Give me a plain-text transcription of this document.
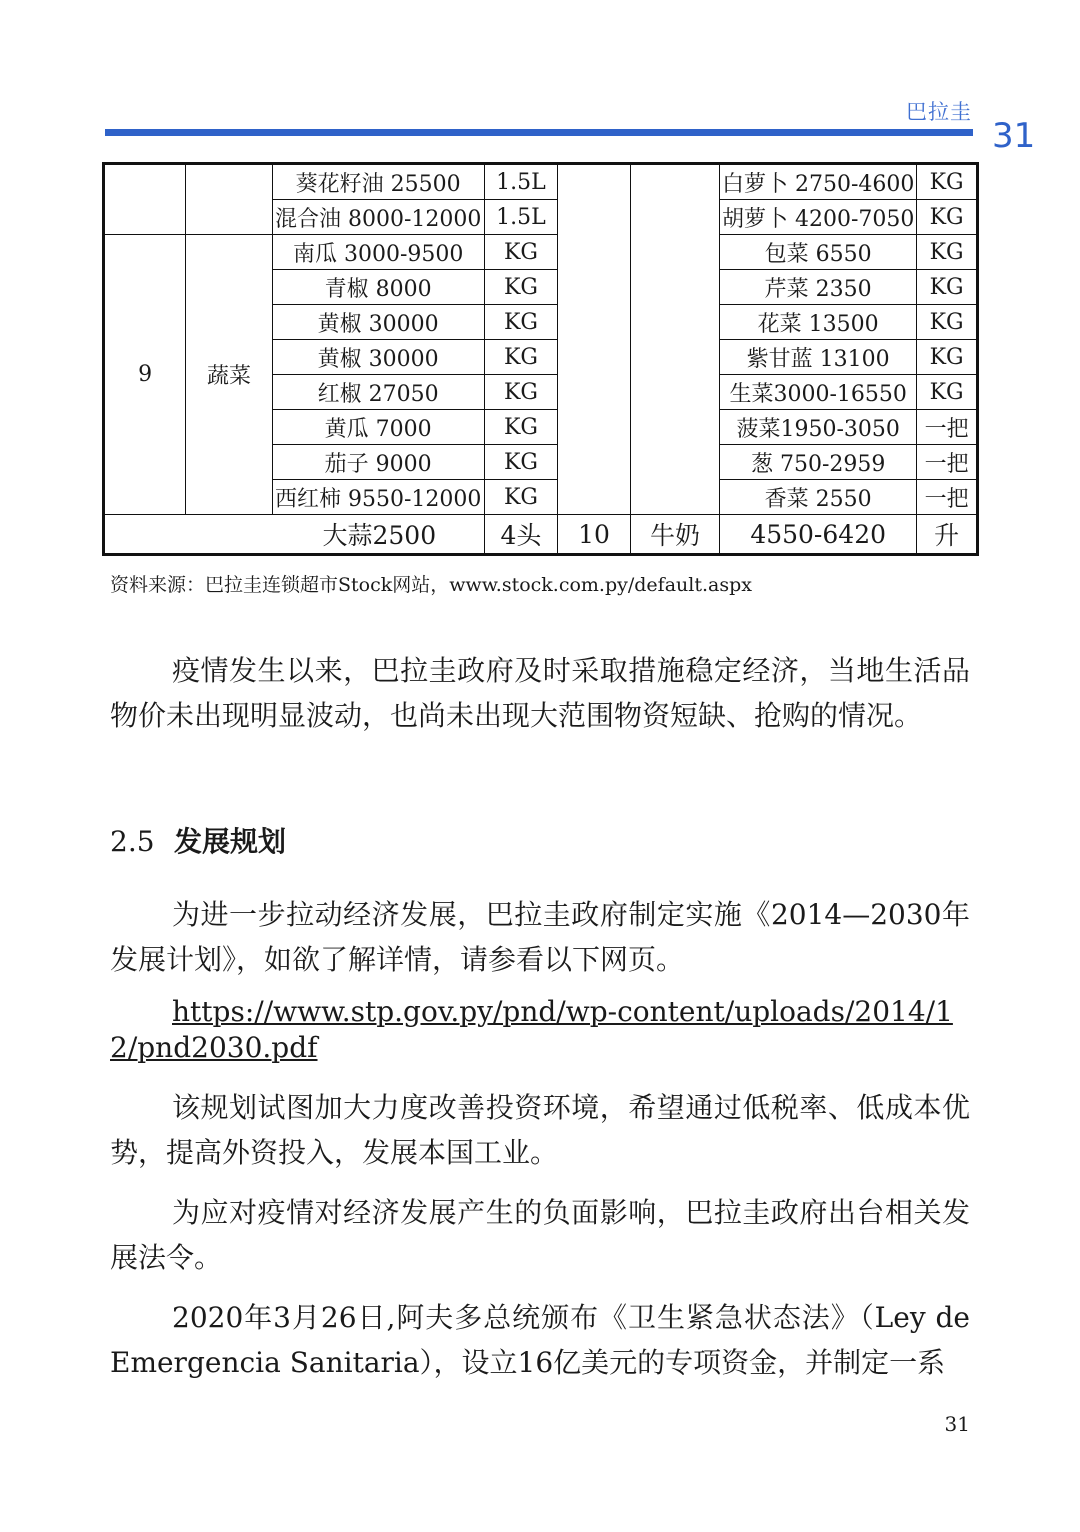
巴拉圭
31
		葵花籽油 25500	1.5L			白萝卜 2750-4600	KG
		混合油 8000-12000	1.5L			胡萝卜 4200-7050	KG
9	蔬菜	南瓜 3000-9500	KG			包菜 6550	KG
		青椒 8000	KG			芹菜 2350	KG
		黄椒 30000	KG			花菜 13500	KG
		黄椒 30000	KG			紫甘蓝 13100	KG
		红椒 27050	KG			生菜3000-16550	KG
		黄瓜 7000	KG			菠菜1950-3050	一把
		茄子 9000	KG			葱 750-2959	一把
		西红柿 9550-12000	KG			香菜 2550	一把
大蒜2500			4头	10	牛奶	4550-6420	升
资料来源：巴拉圭连锁超市Stock网站，www.stock.com.py/default.aspx

疫情发生以来，巴拉圭政府及时采取措施稳定经济，当地生活品物价未出现明显波动，也尚未出现大范围物资短缺、抢购的情况。

2.5 发展规划

为进一步拉动经济发展，巴拉圭政府制定实施《2014—2030年发展计划》，如欲了解详情，请参看以下网页。

https://www.stp.gov.py/pnd/wp-content/uploads/2014/12/pnd2030.pdf

该规划试图加大力度改善投资环境，希望通过低税率、低成本优势，提高外资投入，发展本国工业。

为应对疫情对经济发展产生的负面影响，巴拉圭政府出台相关发展法令。

2020年3月26日,阿夫多总统颁布《卫生紧急状态法》（Ley de Emergencia Sanitaria），设立16亿美元的专项资金，并制定一系

31
